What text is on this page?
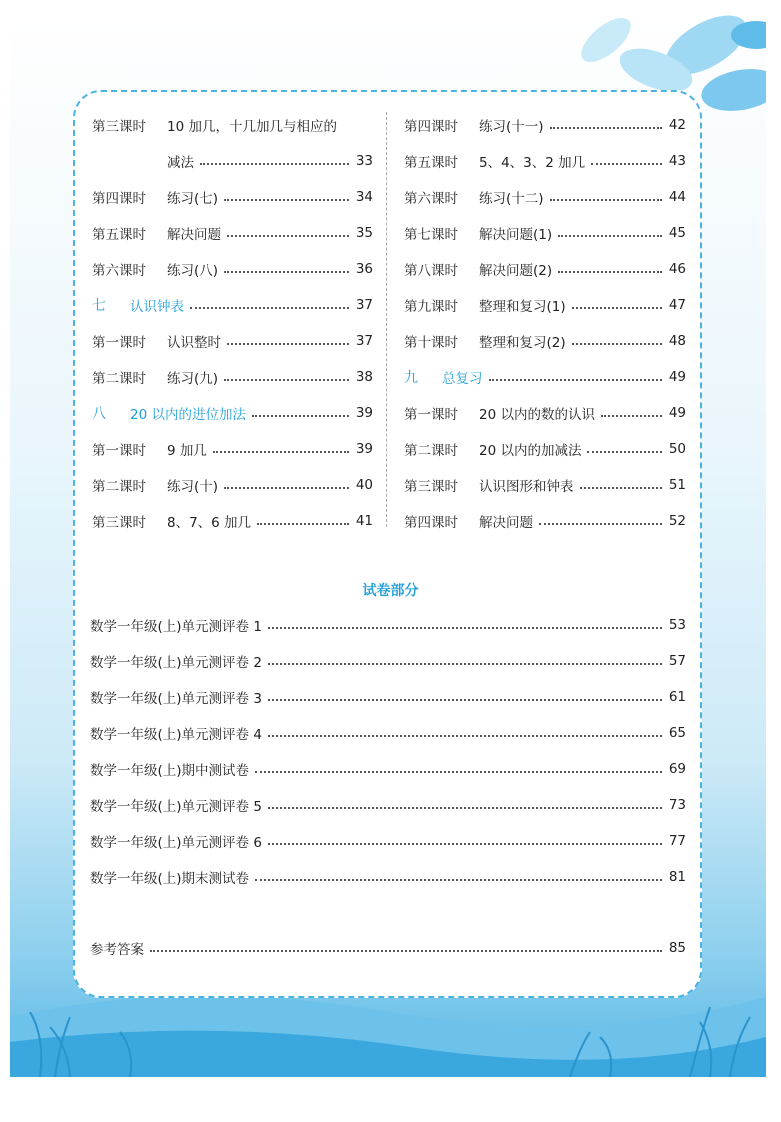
第三课时	10 加几，十几加几与相应的
减法	33
第四课时	练习(七)	34
第五课时	解决问题	35
第六课时	练习(八)	36
七	认识钟表	37
第一课时	认识整时	37
第二课时	练习(九)	38
八	20 以内的进位加法	39
第一课时	9 加几	39
第二课时	练习(十)	40
第三课时	8、7、6 加几	41
第四课时	练习(十一)	42
第五课时	5、4、3、2 加几	43
第六课时	练习(十二)	44
第七课时	解决问题(1)	45
第八课时	解决问题(2)	46
第九课时	整理和复习(1)	47
第十课时	整理和复习(2)	48
九	总复习	49
第一课时	20 以内的数的认识	49
第二课时	20 以内的加减法	50
第三课时	认识图形和钟表	51
第四课时	解决问题	52
试卷部分
数学一年级(上)单元测评卷 1	53
数学一年级(上)单元测评卷 2	57
数学一年级(上)单元测评卷 3	61
数学一年级(上)单元测评卷 4	65
数学一年级(上)期中测试卷	69
数学一年级(上)单元测评卷 5	73
数学一年级(上)单元测评卷 6	77
数学一年级(上)期末测试卷	81
参考答案	85
